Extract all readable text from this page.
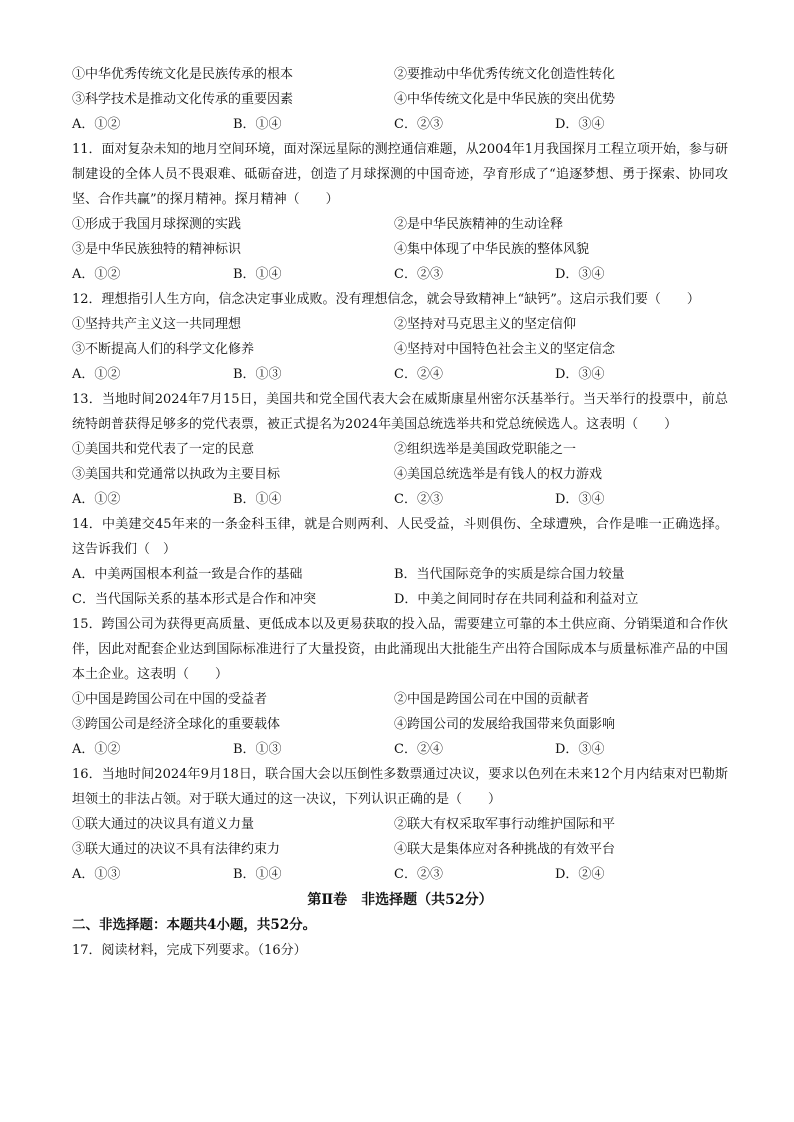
①中华优秀传统文化是民族传承的根本	②要推动中华优秀传统文化创造性转化
③科学技术是推动文化传承的重要因素	④中华传统文化是中华民族的突出优势
A．①②	B．①④	C．②③	D．③④
11．面对复杂未知的地月空间环境，面对深远星际的测控通信难题，从2004年1月我国探月工程立项开始，参与研制建设的全体人员不畏艰难、砥砺奋进，创造了月球探测的中国奇迹，孕育形成了“追逐梦想、勇于探索、协同攻坚、合作共赢”的探月精神。探月精神（　　）
①形成于我国月球探测的实践	②是中华民族精神的生动诠释
③是中华民族独特的精神标识	④集中体现了中华民族的整体风貌
A．①②	B．①④	C．②③	D．③④
12．理想指引人生方向，信念决定事业成败。没有理想信念，就会导致精神上“缺钙”。这启示我们要（　　）
①坚持共产主义这一共同理想	②坚持对马克思主义的坚定信仰
③不断提高人们的科学文化修养	④坚持对中国特色社会主义的坚定信念
A．①②	B．①③	C．②④	D．③④
13．当地时间2024年7月15日，美国共和党全国代表大会在威斯康星州密尔沃基举行。当天举行的投票中，前总统特朗普获得足够多的党代表票，被正式提名为2024年美国总统选举共和党总统候选人。这表明（　　）
①美国共和党代表了一定的民意	②组织选举是美国政党职能之一
③美国共和党通常以执政为主要目标	④美国总统选举是有钱人的权力游戏
A．①②	B．①④	C．②③	D．③④
14．中美建交45年来的一条金科玉律，就是合则两利、人民受益，斗则俱伤、全球遭殃，合作是唯一正确选择。这告诉我们（　）
A．中美两国根本利益一致是合作的基础	B．当代国际竞争的实质是综合国力较量
C．当代国际关系的基本形式是合作和冲突	D．中美之间同时存在共同利益和利益对立
15．跨国公司为获得更高质量、更低成本以及更易获取的投入品，需要建立可靠的本土供应商、分销渠道和合作伙伴，因此对配套企业达到国际标准进行了大量投资，由此涌现出大批能生产出符合国际成本与质量标准产品的中国本土企业。这表明（　　）
①中国是跨国公司在中国的受益者	②中国是跨国公司在中国的贡献者
③跨国公司是经济全球化的重要载体	④跨国公司的发展给我国带来负面影响
A．①②	B．①③	C．②④	D．③④
16．当地时间2024年9月18日，联合国大会以压倒性多数票通过决议，要求以色列在未来12个月内结束对巴勒斯坦领土的非法占领。对于联大通过的这一决议，下列认识正确的是（　　）
①联大通过的决议具有道义力量	②联大有权采取军事行动维护国际和平
③联大通过的决议不具有法律约束力	④联大是集体应对各种挑战的有效平台
A．①③	B．①④	C．②③	D．②④
第Ⅱ卷　非选择题（共52分）
二、非选择题：本题共4小题，共52分。
17．阅读材料，完成下列要求。（16分）
